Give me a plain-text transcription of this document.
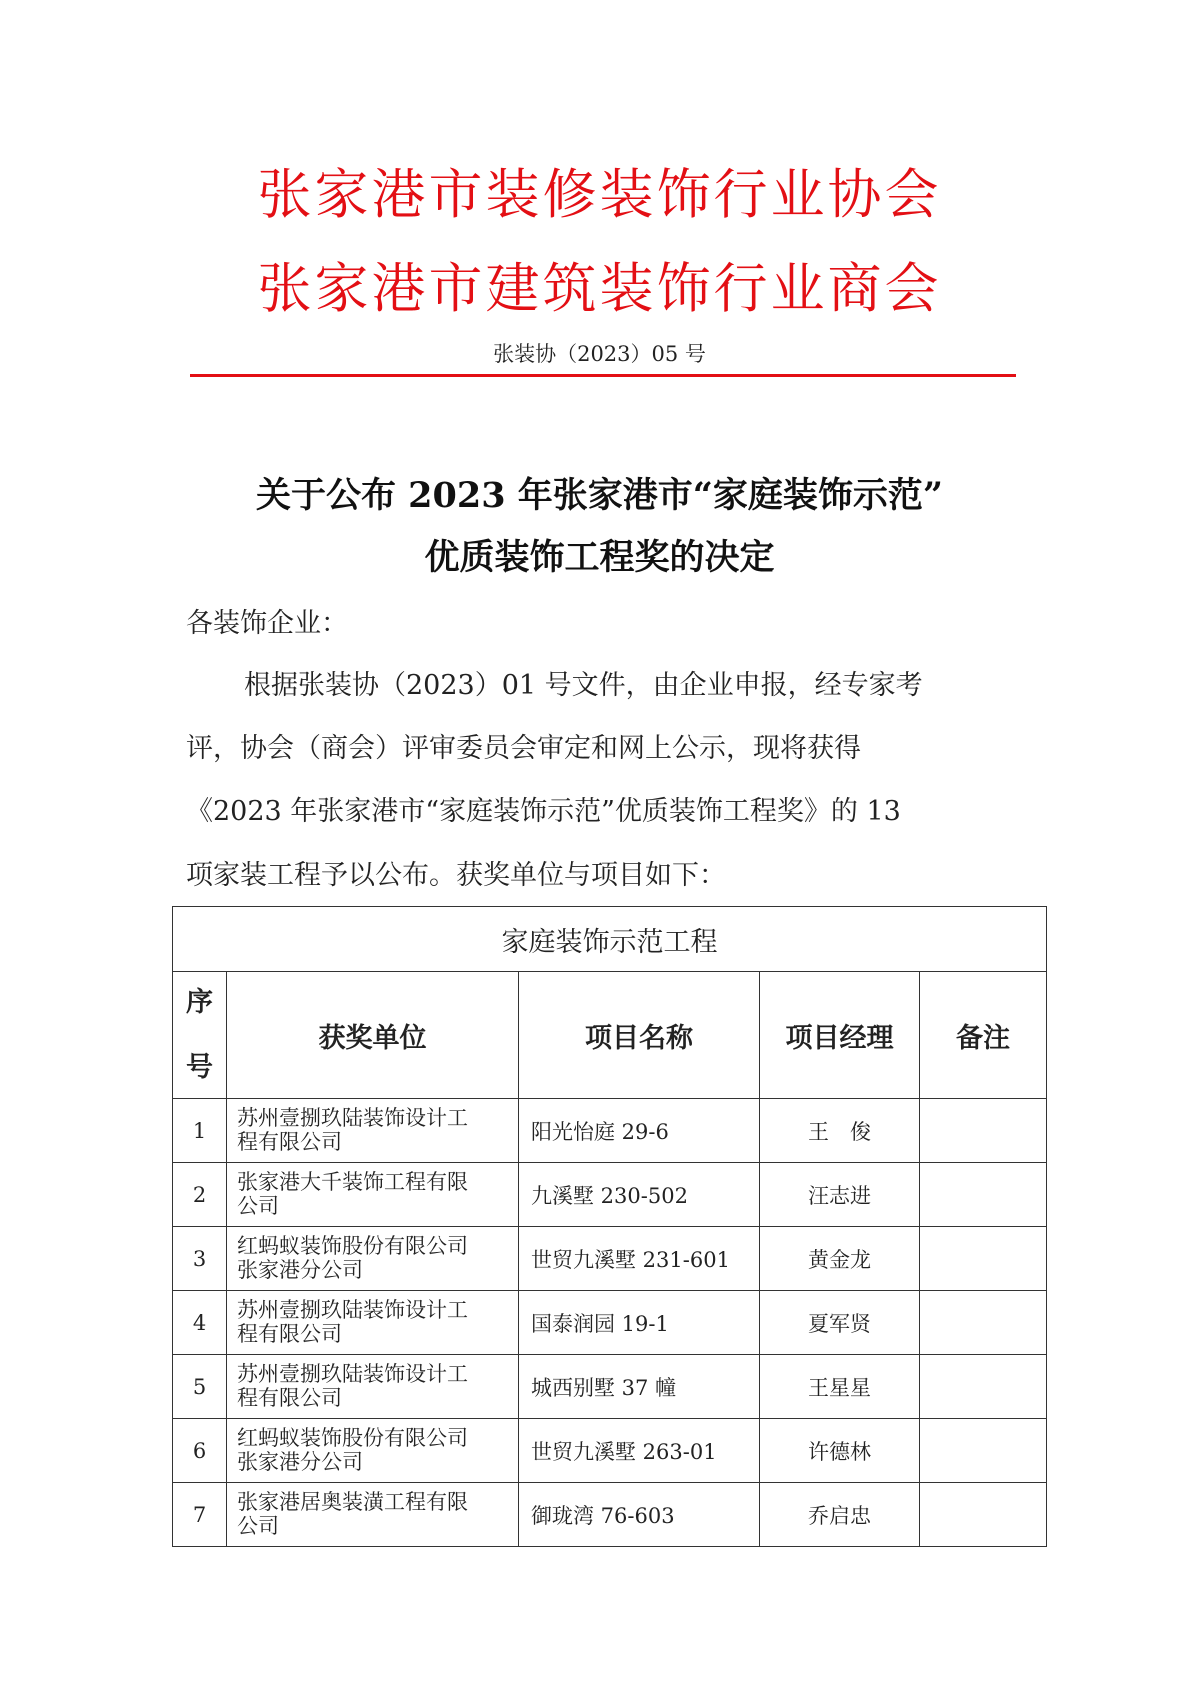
张家港市装修装饰行业协会
张家港市建筑装饰行业商会
张装协（2023）05 号
关于公布 2023 年张家港市“家庭装饰示范”
优质装饰工程奖的决定
各装饰企业：
根据张装协（2023）01 号文件，由企业申报，经专家考
评，协会（商会）评审委员会审定和网上公示，现将获得
《2023 年张家港市“家庭装饰示范”优质装饰工程奖》的 13
项家装工程予以公布。获奖单位与项目如下：
家庭装饰示范工程				

序
号	获奖单位	项目名称	项目经理	备注
1	苏州壹捌玖陆装饰设计工
程有限公司	阳光怡庭 29-6	王　俊	
2	张家港大千装饰工程有限
公司	九溪墅 230-502	汪志进	
3	红蚂蚁装饰股份有限公司
张家港分公司	世贸九溪墅 231-601	黄金龙	
4	苏州壹捌玖陆装饰设计工
程有限公司	国泰润园 19-1	夏军贤	
5	苏州壹捌玖陆装饰设计工
程有限公司	城西别墅 37 幢	王星星	
6	红蚂蚁装饰股份有限公司
张家港分公司	世贸九溪墅 263-01	许德林	
7	张家港居奥装潢工程有限
公司	御珑湾 76-603	乔启忠	
